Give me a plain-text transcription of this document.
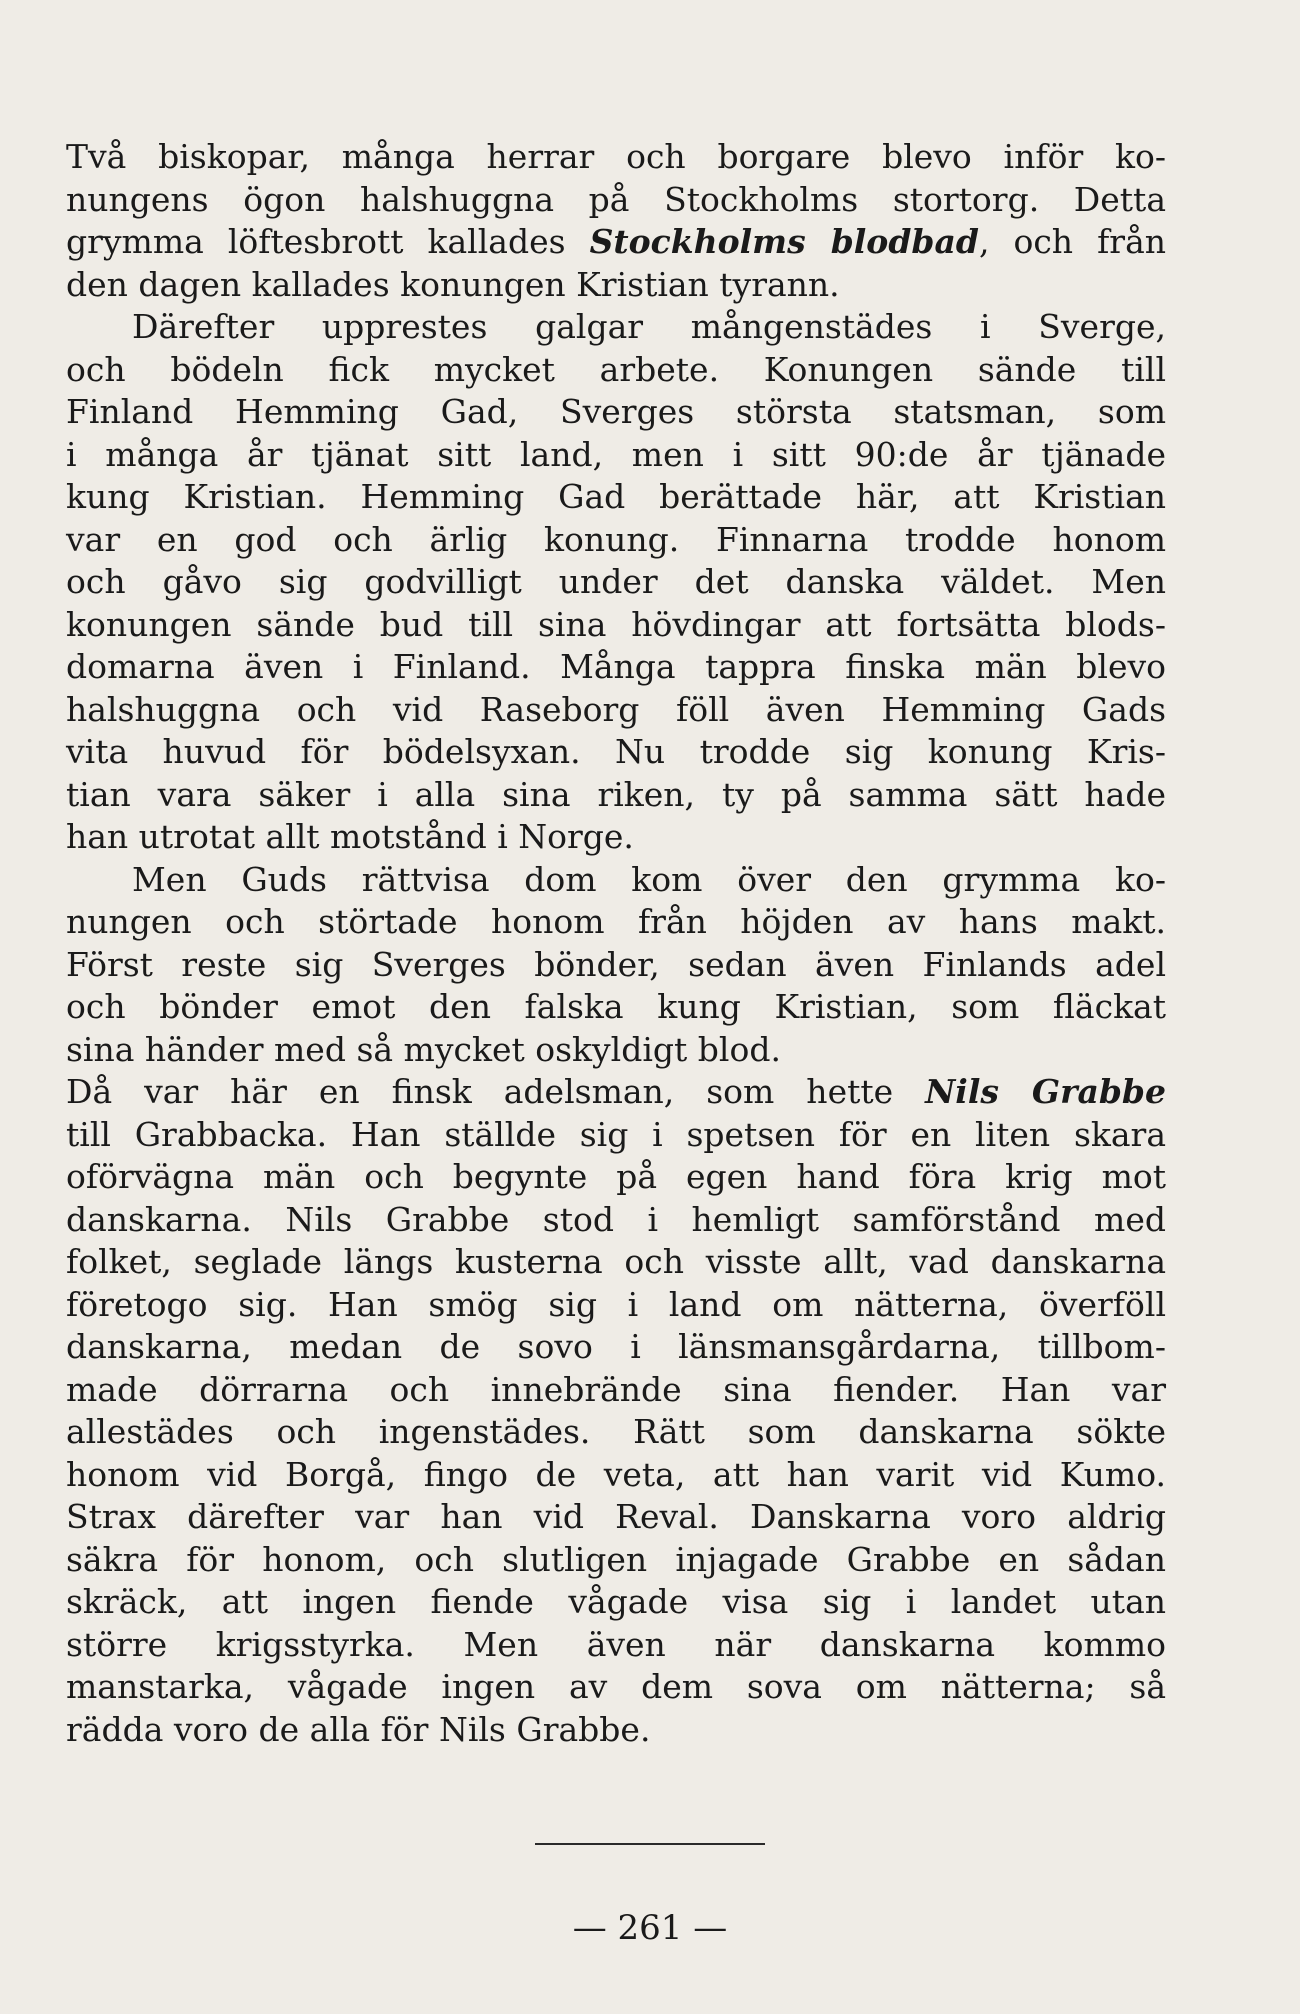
Två biskopar, många herrar och borgare blevo inför ko-
nungens ögon halshuggna på Stockholms stortorg. Detta
grymma löftesbrott kallades Stockholms blodbad, och från
den dagen kallades konungen Kristian tyrann.
Därefter upprestes galgar mångenstädes i Sverge,
och bödeln fick mycket arbete. Konungen sände till
Finland Hemming Gad, Sverges största statsman, som
i många år tjänat sitt land, men i sitt 90:de år tjänade
kung Kristian. Hemming Gad berättade här, att Kristian
var en god och ärlig konung. Finnarna trodde honom
och gåvo sig godvilligt under det danska väldet. Men
konungen sände bud till sina hövdingar att fortsätta blods-
domarna även i Finland. Många tappra finska män blevo
halshuggna och vid Raseborg föll även Hemming Gads
vita huvud för bödelsyxan. Nu trodde sig konung Kris-
tian vara säker i alla sina riken, ty på samma sätt hade
han utrotat allt motstånd i Norge.
Men Guds rättvisa dom kom över den grymma ko-
nungen och störtade honom från höjden av hans makt.
Först reste sig Sverges bönder, sedan även Finlands adel
och bönder emot den falska kung Kristian, som fläckat
sina händer med så mycket oskyldigt blod.
Då var här en finsk adelsman, som hette Nils Grabbe
till Grabbacka. Han ställde sig i spetsen för en liten skara
oförvägna män och begynte på egen hand föra krig mot
danskarna. Nils Grabbe stod i hemligt samförstånd med
folket, seglade längs kusterna och visste allt, vad danskarna
företogo sig. Han smög sig i land om nätterna, överföll
danskarna, medan de sovo i länsmansgårdarna, tillbom-
made dörrarna och innebrände sina fiender. Han var
allestädes och ingenstädes. Rätt som danskarna sökte
honom vid Borgå, fingo de veta, att han varit vid Kumo.
Strax därefter var han vid Reval. Danskarna voro aldrig
säkra för honom, och slutligen injagade Grabbe en sådan
skräck, att ingen fiende vågade visa sig i landet utan
större krigsstyrka. Men även när danskarna kommo
manstarka, vågade ingen av dem sova om nätterna; så
rädda voro de alla för Nils Grabbe.
— 261 —
